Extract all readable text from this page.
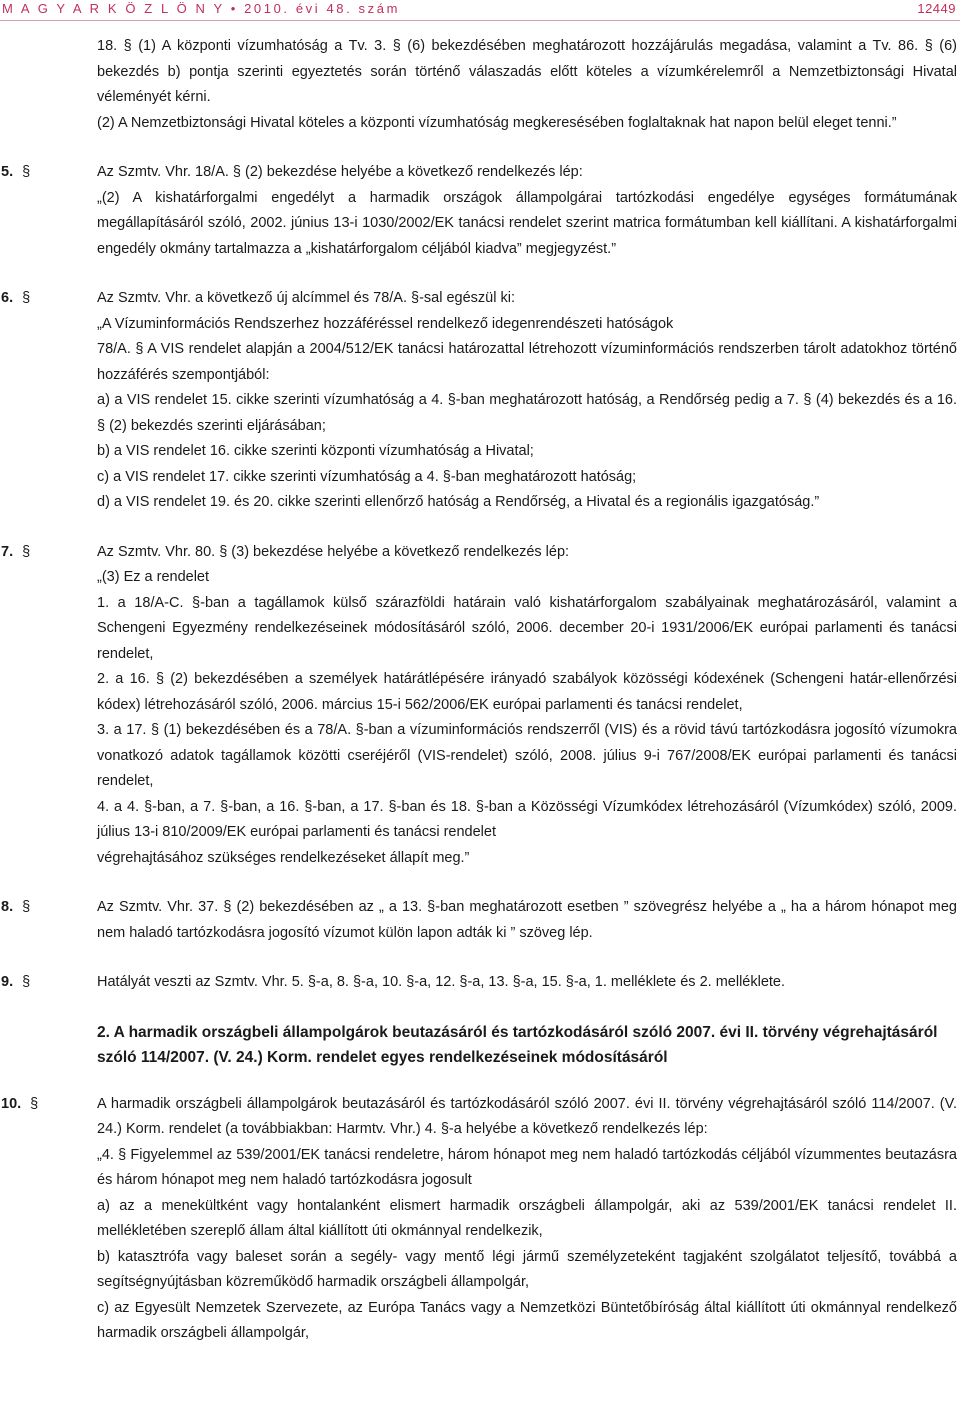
M A G Y A R K Ö Z L Ö N Y • 2010. évi 48. szám	12449

18. § (1) A központi vízumhatóság a Tv. 3. § (6) bekezdésében meghatározott hozzájárulás megadása, valamint a Tv. 86. § (6) bekezdés b) pontja szerinti egyeztetés során történő válaszadás előtt köteles a vízumkérelemről a Nemzetbiztonsági Hivatal véleményét kérni.

(2) A Nemzetbiztonsági Hivatal köteles a központi vízumhatóság megkeresésében foglaltaknak hat napon belül eleget tenni.”

5. §	Az Szmtv. Vhr. 18/A. § (2) bekezdése helyébe a következő rendelkezés lép:

„(2) A kishatárforgalmi engedélyt a harmadik országok állampolgárai tartózkodási engedélye egységes formátumának megállapításáról szóló, 2002. június 13-i 1030/2002/EK tanácsi rendelet szerint matrica formátumban kell kiállítani. A kishatárforgalmi engedély okmány tartalmazza a „kishatárforgalom céljából kiadva” megjegyzést.”

6. §	Az Szmtv. Vhr. a következő új alcímmel és 78/A. §-sal egészül ki:

„A Vízuminformációs Rendszerhez hozzáféréssel rendelkező idegenrendészeti hatóságok

78/A. § A VIS rendelet alapján a 2004/512/EK tanácsi határozattal létrehozott vízuminformációs rendszerben tárolt adatokhoz történő hozzáférés szempontjából:

a) a VIS rendelet 15. cikke szerinti vízumhatóság a 4. §-ban meghatározott hatóság, a Rendőrség pedig a 7. § (4) bekezdés és a 16. § (2) bekezdés szerinti eljárásában;

b) a VIS rendelet 16. cikke szerinti központi vízumhatóság a Hivatal;

c) a VIS rendelet 17. cikke szerinti vízumhatóság a 4. §-ban meghatározott hatóság;

d) a VIS rendelet 19. és 20. cikke szerinti ellenőrző hatóság a Rendőrség, a Hivatal és a regionális igazgatóság.”

7. §	Az Szmtv. Vhr. 80. § (3) bekezdése helyébe a következő rendelkezés lép:

„(3) Ez a rendelet

1. a 18/A-C. §-ban a tagállamok külső szárazföldi határain való kishatárforgalom szabályainak meghatározásáról, valamint a Schengeni Egyezmény rendelkezéseinek módosításáról szóló, 2006. december 20-i 1931/2006/EK európai parlamenti és tanácsi rendelet,

2. a 16. § (2) bekezdésében a személyek határátlépésére irányadó szabályok közösségi kódexének (Schengeni határ-ellenőrzési kódex) létrehozásáról szóló, 2006. március 15-i 562/2006/EK európai parlamenti és tanácsi rendelet,

3. a 17. § (1) bekezdésében és a 78/A. §-ban a vízuminformációs rendszerről (VIS) és a rövid távú tartózkodásra jogosító vízumokra vonatkozó adatok tagállamok közötti cseréjéről (VIS-rendelet) szóló, 2008. július 9-i 767/2008/EK európai parlamenti és tanácsi rendelet,

4. a 4. §-ban, a 7. §-ban, a 16. §-ban, a 17. §-ban és 18. §-ban a Közösségi Vízumkódex létrehozásáról (Vízumkódex) szóló, 2009. július 13-i 810/2009/EK európai parlamenti és tanácsi rendelet

végrehajtásához szükséges rendelkezéseket állapít meg.”

8. §	Az Szmtv. Vhr. 37. § (2) bekezdésében az „ a 13. §-ban meghatározott esetben ” szövegrész helyébe a „ ha a három hónapot meg nem haladó tartózkodásra jogosító vízumot külön lapon adták ki ” szöveg lép.

9. §	Hatályát veszti az Szmtv. Vhr. 5. §-a, 8. §-a, 10. §-a, 12. §-a, 13. §-a, 15. §-a, 1. melléklete és 2. melléklete.

2. A harmadik országbeli állampolgárok beutazásáról és tartózkodásáról szóló 2007. évi II. törvény végrehajtásáról szóló 114/2007. (V. 24.) Korm. rendelet egyes rendelkezéseinek módosításáról
10. §	A harmadik országbeli állampolgárok beutazásáról és tartózkodásáról szóló 2007. évi II. törvény végrehajtásáról szóló 114/2007. (V. 24.) Korm. rendelet (a továbbiakban: Harmtv. Vhr.) 4. §-a helyébe a következő rendelkezés lép:

„4. § Figyelemmel az 539/2001/EK tanácsi rendeletre, három hónapot meg nem haladó tartózkodás céljából vízummentes beutazásra és három hónapot meg nem haladó tartózkodásra jogosult

a) az a menekültként vagy hontalanként elismert harmadik országbeli állampolgár, aki az 539/2001/EK tanácsi rendelet II. mellékletében szereplő állam által kiállított úti okmánnyal rendelkezik,

b) katasztrófa vagy baleset során a segély- vagy mentő légi jármű személyzeteként tagjaként szolgálatot teljesítő, továbbá a segítségnyújtásban közreműködő harmadik országbeli állampolgár,

c) az Egyesült Nemzetek Szervezete, az Európa Tanács vagy a Nemzetközi Büntetőbíróság által kiállított úti okmánnyal rendelkező harmadik országbeli állampolgár,
